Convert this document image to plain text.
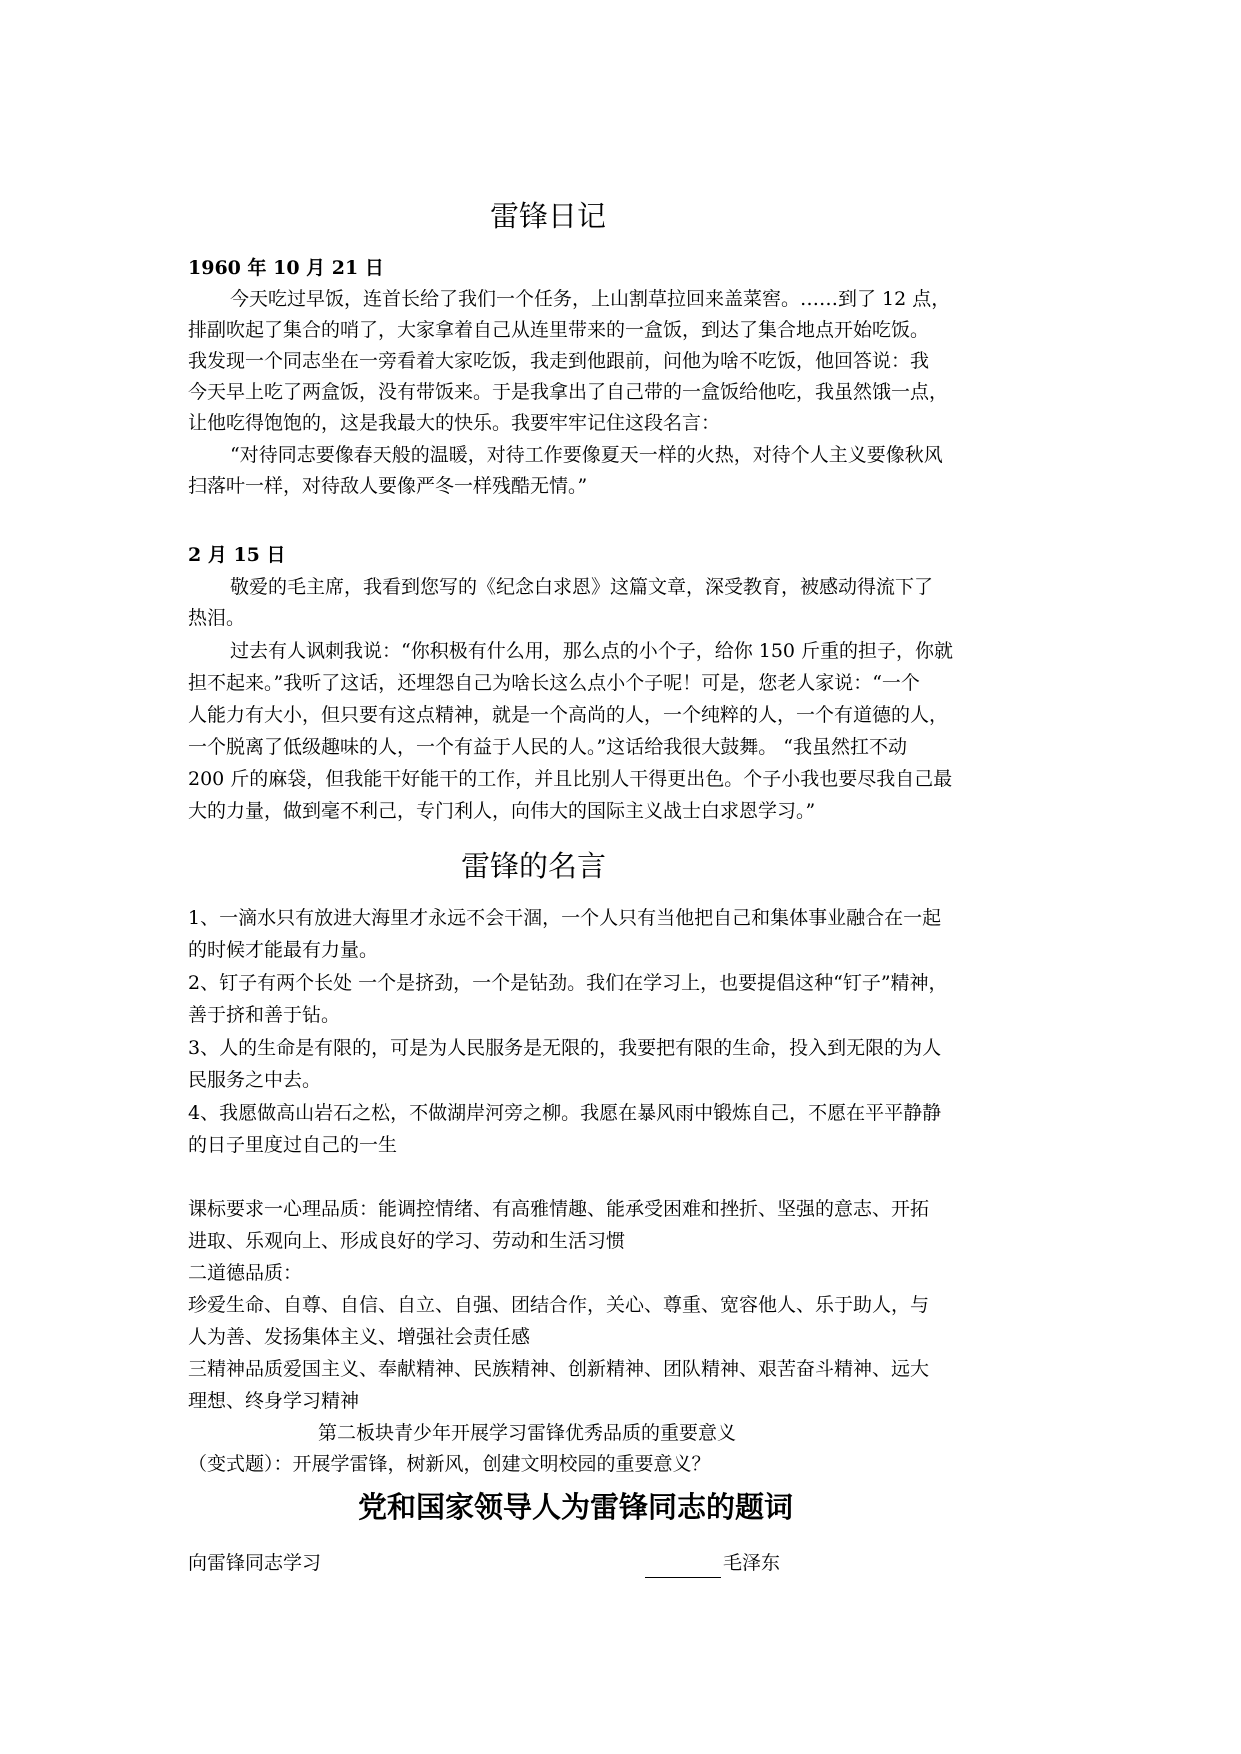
雷锋日记
1960 年 10 月 21 日
今天吃过早饭，连首长给了我们一个任务，上山割草拉回来盖菜窖。……到了 12 点，
排副吹起了集合的哨了，大家拿着自己从连里带来的一盒饭，到达了集合地点开始吃饭。
我发现一个同志坐在一旁看着大家吃饭，我走到他跟前，问他为啥不吃饭，他回答说：我
今天早上吃了两盒饭，没有带饭来。于是我拿出了自己带的一盒饭给他吃，我虽然饿一点，
让他吃得饱饱的，这是我最大的快乐。我要牢牢记住这段名言：
“对待同志要像春天般的温暖，对待工作要像夏天一样的火热，对待个人主义要像秋风
扫落叶一样，对待敌人要像严冬一样残酷无情。”
2 月 15 日
敬爱的毛主席，我看到您写的《纪念白求恩》这篇文章，深受教育，被感动得流下了
热泪。
过去有人讽刺我说：“你积极有什么用，那么点的小个子，给你 150 斤重的担子，你就
担不起来。”我听了这话，还埋怨自己为啥长这么点小个子呢！可是，您老人家说：“一个
人能力有大小，但只要有这点精神，就是一个高尚的人，一个纯粹的人，一个有道德的人，
一个脱离了低级趣味的人，一个有益于人民的人。”这话给我很大鼓舞。 “我虽然扛不动
200 斤的麻袋，但我能干好能干的工作，并且比别人干得更出色。个子小我也要尽我自己最
大的力量，做到毫不利己，专门利人，向伟大的国际主义战士白求恩学习。”
雷锋的名言
1、一滴水只有放进大海里才永远不会干涸，一个人只有当他把自己和集体事业融合在一起
的时候才能最有力量。
2、钉子有两个长处 一个是挤劲，一个是钻劲。我们在学习上，也要提倡这种“钉子”精神，
善于挤和善于钻。
3、人的生命是有限的，可是为人民服务是无限的，我要把有限的生命，投入到无限的为人
民服务之中去。
4、我愿做高山岩石之松，不做湖岸河旁之柳。我愿在暴风雨中锻炼自己，不愿在平平静静
的日子里度过自己的一生
课标要求一心理品质：能调控情绪、有高雅情趣、能承受困难和挫折、坚强的意志、开拓
进取、乐观向上、形成良好的学习、劳动和生活习惯
二道德品质：
珍爱生命、自尊、自信、自立、自强、团结合作，关心、尊重、宽容他人、乐于助人，与
人为善、发扬集体主义、增强社会责任感
三精神品质爱国主义、奉献精神、民族精神、创新精神、团队精神、艰苦奋斗精神、远大
理想、终身学习精神
第二板块青少年开展学习雷锋优秀品质的重要意义
（变式题）：开展学雷锋，树新风，创建文明校园的重要意义？
党和国家领导人为雷锋同志的题词
向雷锋同志学习	毛泽东
